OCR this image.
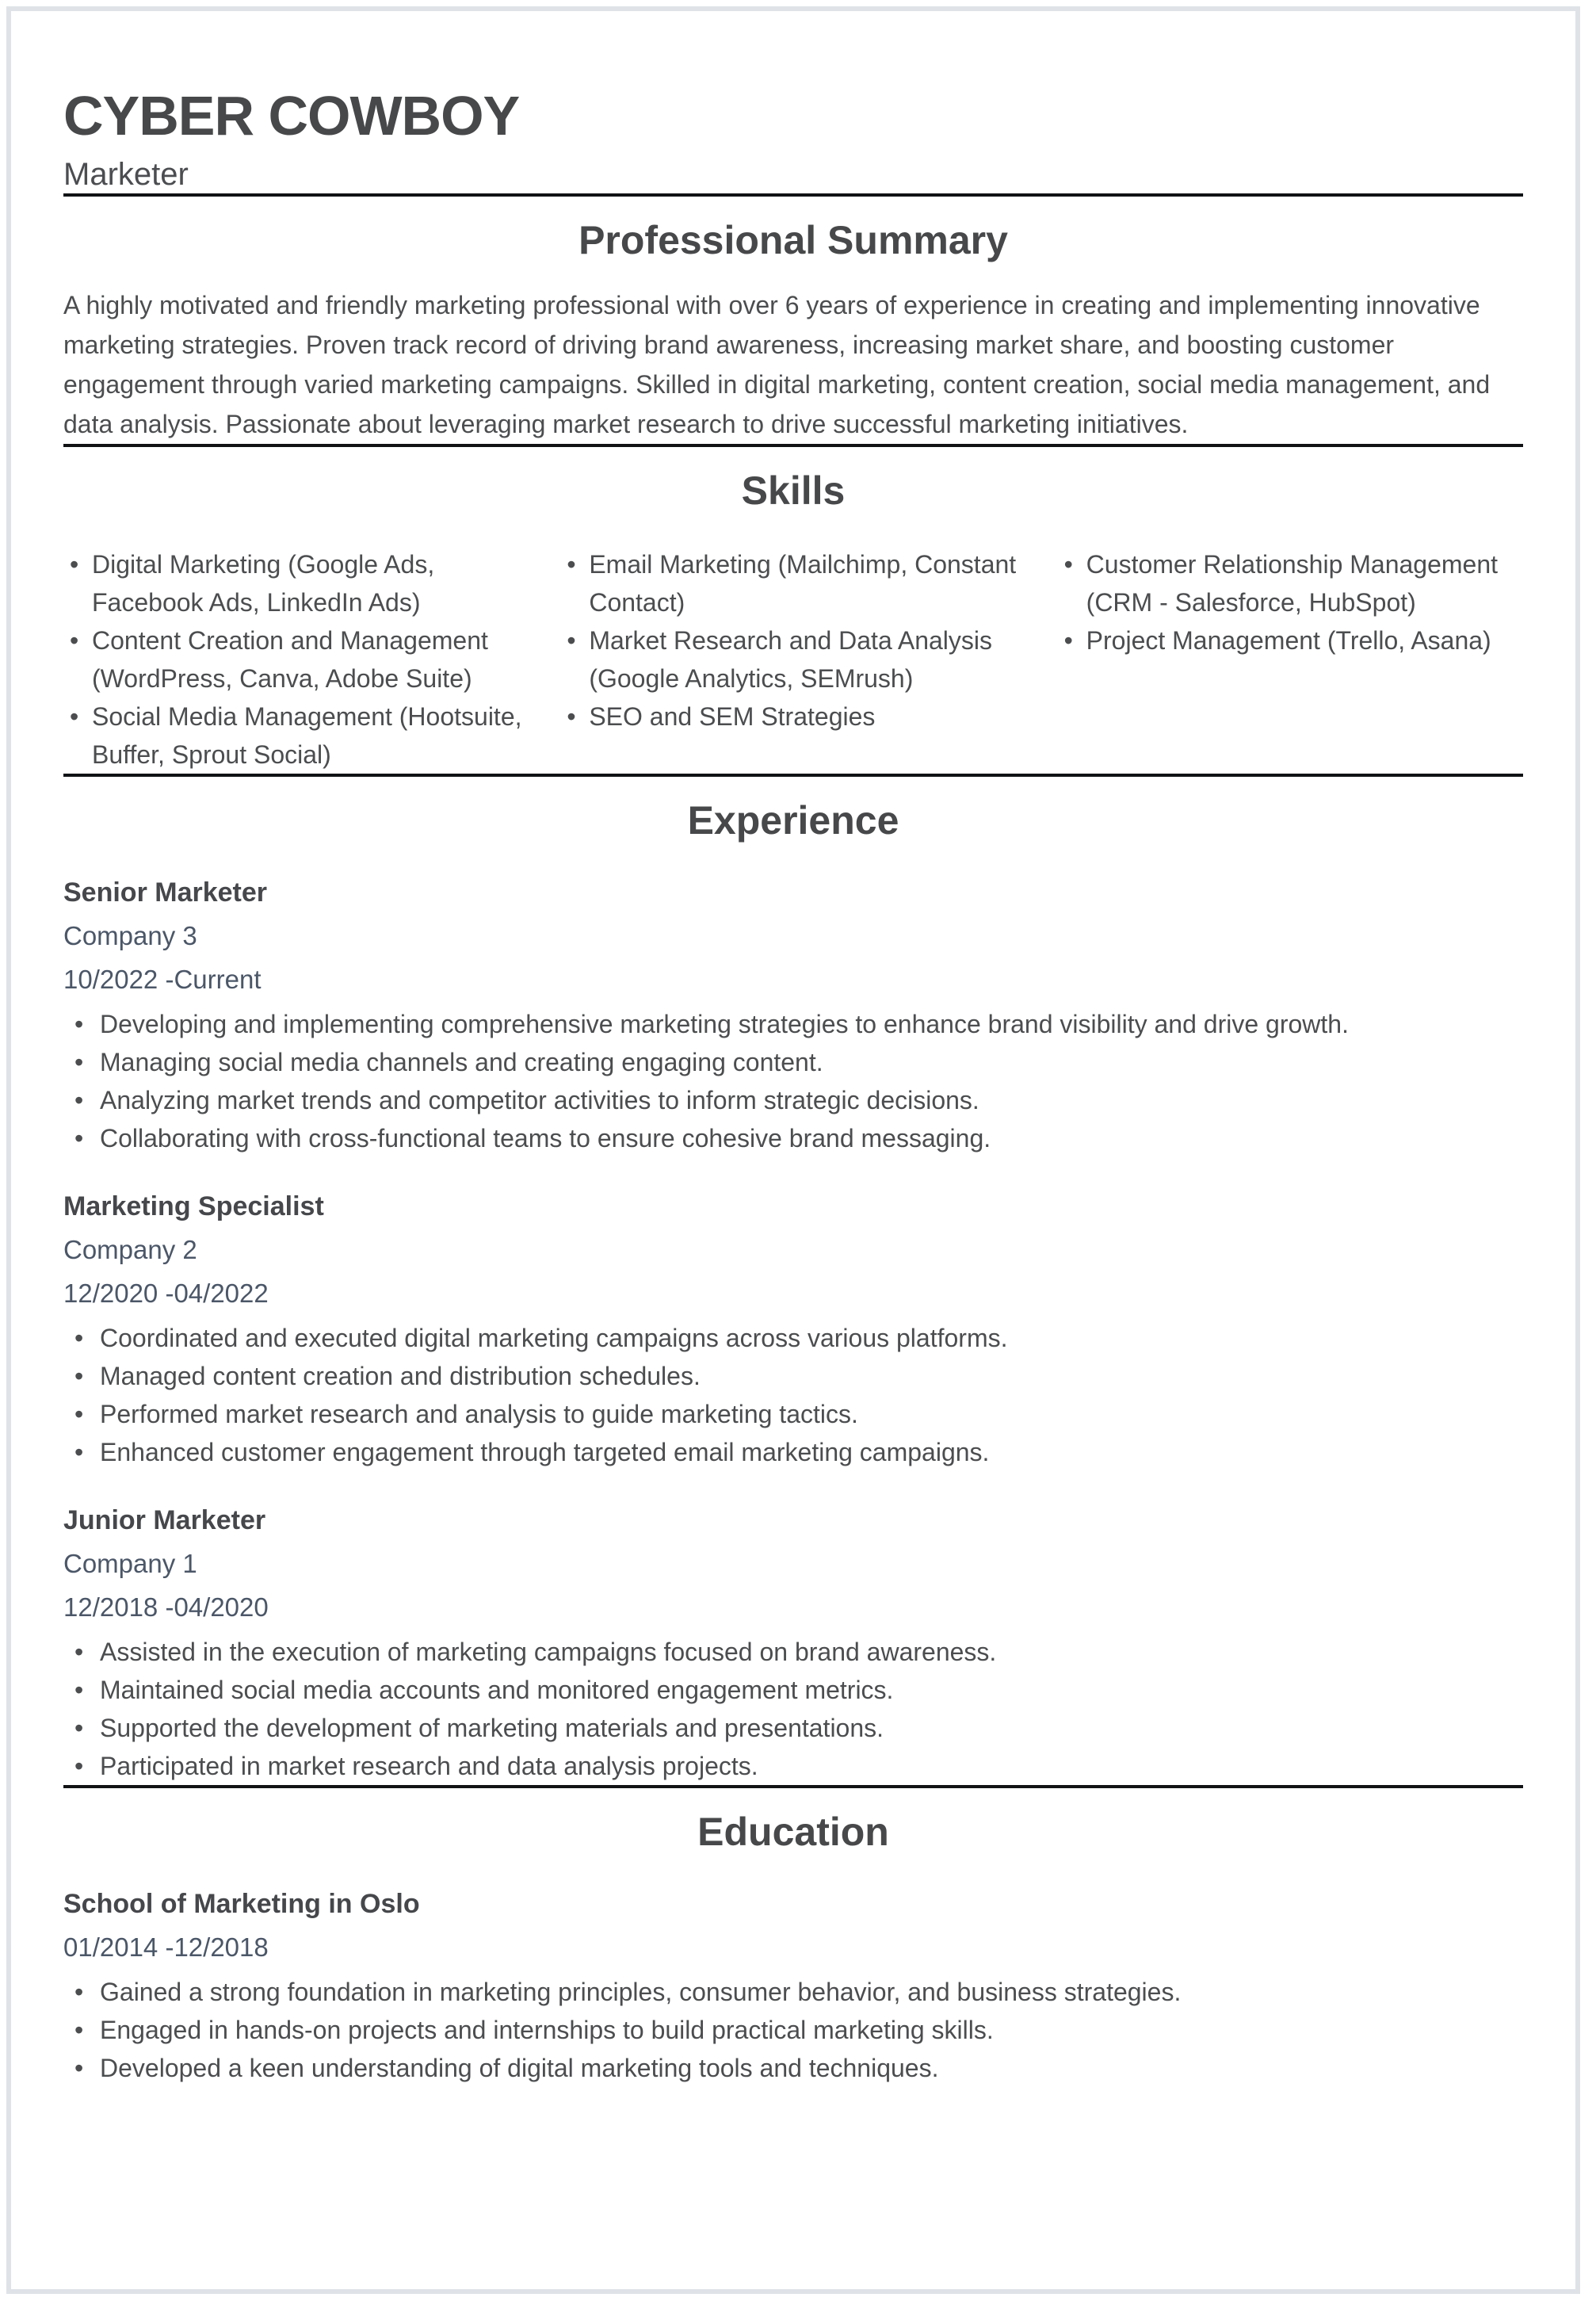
CYBER COWBOY
Marketer
Professional Summary

A highly motivated and friendly marketing professional with over 6 years of experience in creating and implementing innovative marketing strategies. Proven track record of driving brand awareness, increasing market share, and boosting customer engagement through varied marketing campaigns. Skilled in digital marketing, content creation, social media management, and data analysis. Passionate about leveraging market research to drive successful marketing initiatives.

Skills
• Digital Marketing (Google Ads, Facebook Ads, LinkedIn Ads)
• Content Creation and Management (WordPress, Canva, Adobe Suite)
• Social Media Management (Hootsuite, Buffer, Sprout Social)
• Email Marketing (Mailchimp, Constant Contact)
• Market Research and Data Analysis (Google Analytics, SEMrush)
• SEO and SEM Strategies
• Customer Relationship Management (CRM - Salesforce, HubSpot)
• Project Management (Trello, Asana)
Experience
Senior Marketer
Company 3
10/2022 -Current
• Developing and implementing comprehensive marketing strategies to enhance brand visibility and drive growth.
• Managing social media channels and creating engaging content.
• Analyzing market trends and competitor activities to inform strategic decisions.
• Collaborating with cross-functional teams to ensure cohesive brand messaging.
Marketing Specialist
Company 2
12/2020 -04/2022
• Coordinated and executed digital marketing campaigns across various platforms.
• Managed content creation and distribution schedules.
• Performed market research and analysis to guide marketing tactics.
• Enhanced customer engagement through targeted email marketing campaigns.
Junior Marketer
Company 1
12/2018 -04/2020
• Assisted in the execution of marketing campaigns focused on brand awareness.
• Maintained social media accounts and monitored engagement metrics.
• Supported the development of marketing materials and presentations.
• Participated in market research and data analysis projects.
Education
School of Marketing in Oslo
01/2014 -12/2018
• Gained a strong foundation in marketing principles, consumer behavior, and business strategies.
• Engaged in hands-on projects and internships to build practical marketing skills.
• Developed a keen understanding of digital marketing tools and techniques.
